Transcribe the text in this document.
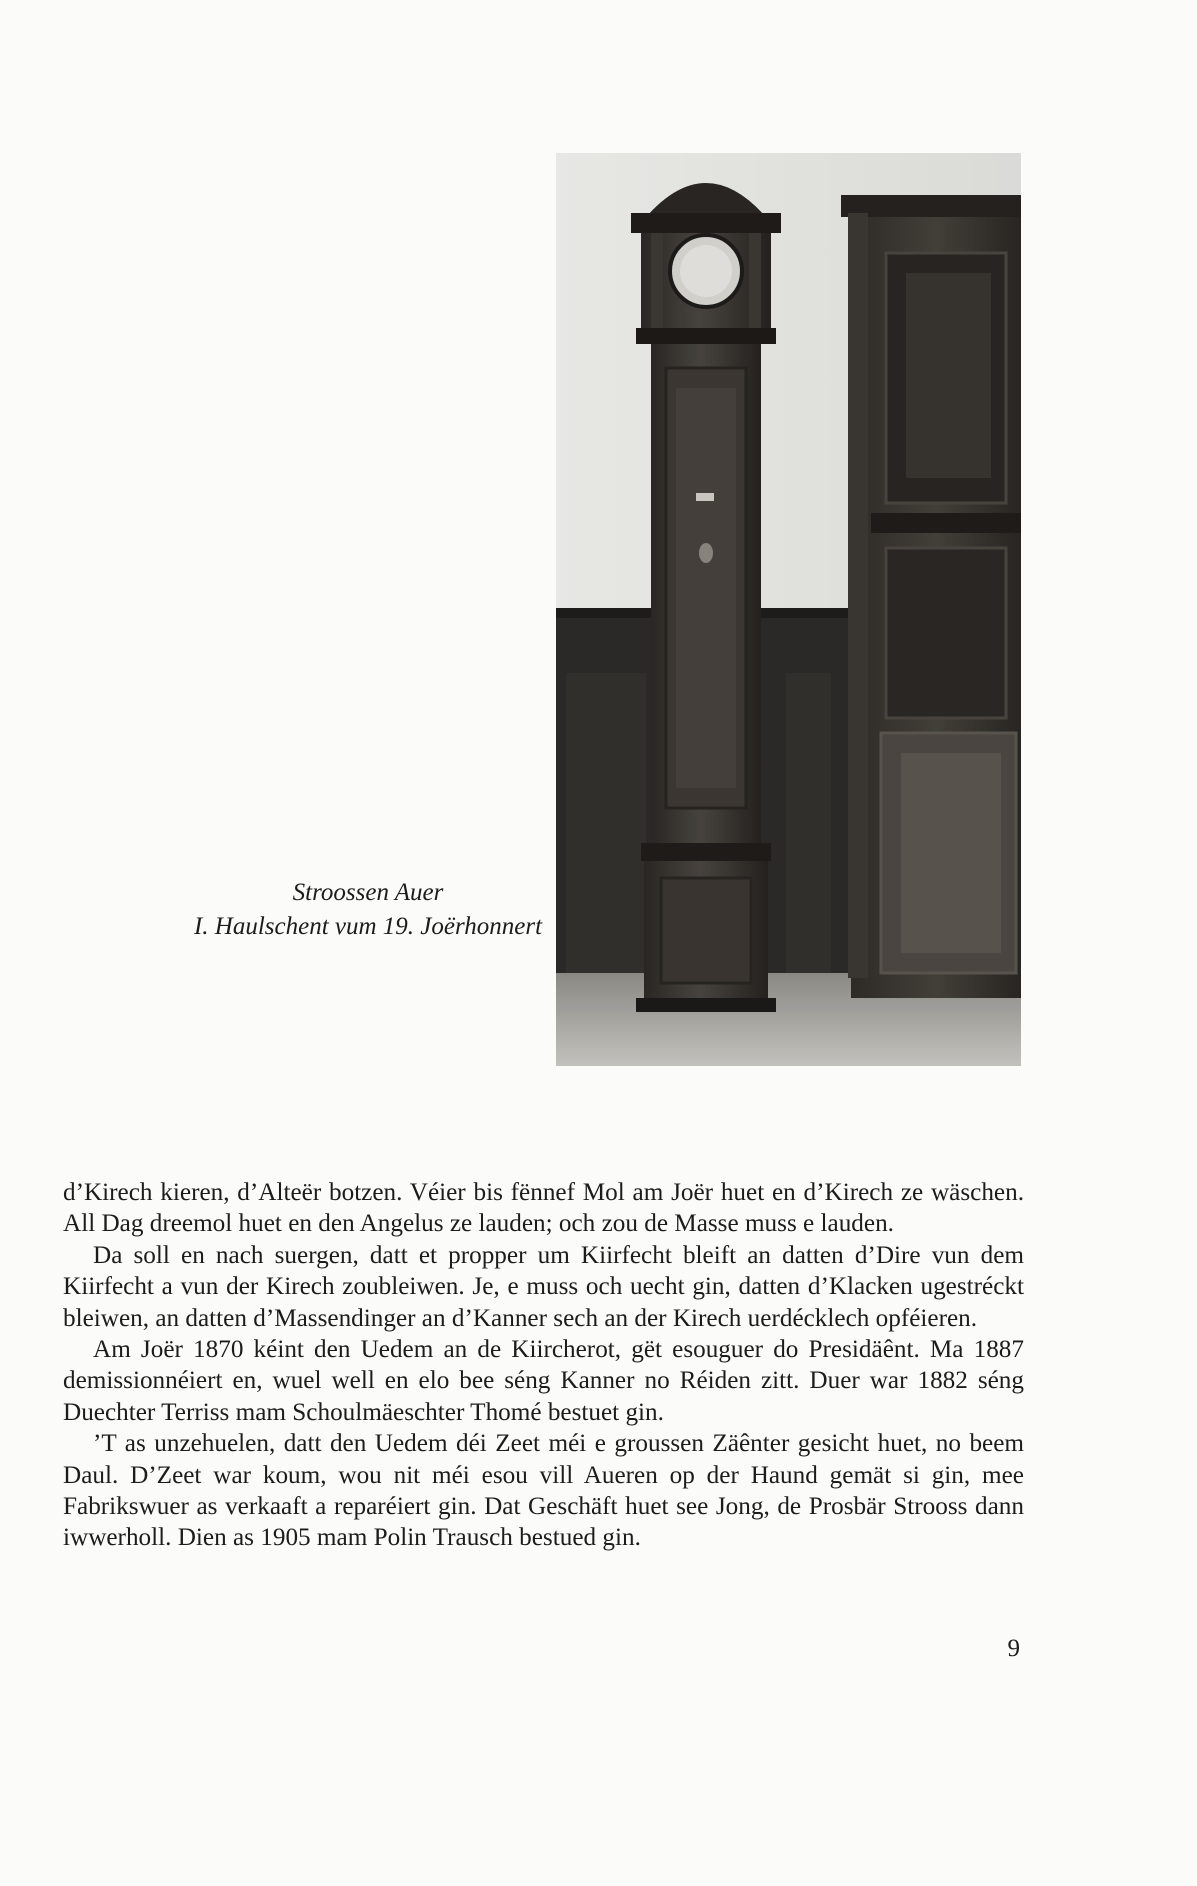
Stroossen Auer
I. Haulschent vum 19. Joërhonnert

d’Kirech kieren, d’Alteër botzen. Véier bis fënnef Mol am Joër huet en d’Kirech ze wäschen. All Dag dreemol huet en den Angelus ze lauden; och zou de Masse muss e lauden.

Da soll en nach suergen, datt et propper um Kiirfecht bleift an datten d’Dire vun dem Kiirfecht a vun der Kirech zoubleiwen. Je, e muss och uecht gin, datten d’Klacken ugestréckt bleiwen, an datten d’Massendinger an d’Kanner sech an der Kirech uerdécklech opféieren.

Am Joër 1870 kéint den Uedem an de Kiircherot, gët esouguer do Presidäênt. Ma 1887 demissionnéiert en, wuel well en elo bee séng Kanner no Réiden zitt. Duer war 1882 séng Duechter Terriss mam Schoulmäeschter Thomé bestuet gin.

’T as unzehuelen, datt den Uedem déi Zeet méi e groussen Zäênter gesicht huet, no beem Daul. D’Zeet war koum, wou nit méi esou vill Aueren op der Haund gemät si gin, mee Fabrikswuer as verkaaft a reparéiert gin. Dat Geschäft huet see Jong, de Prosbär Strooss dann iwwerholl. Dien as 1905 mam Polin Trausch bestued gin.

9
